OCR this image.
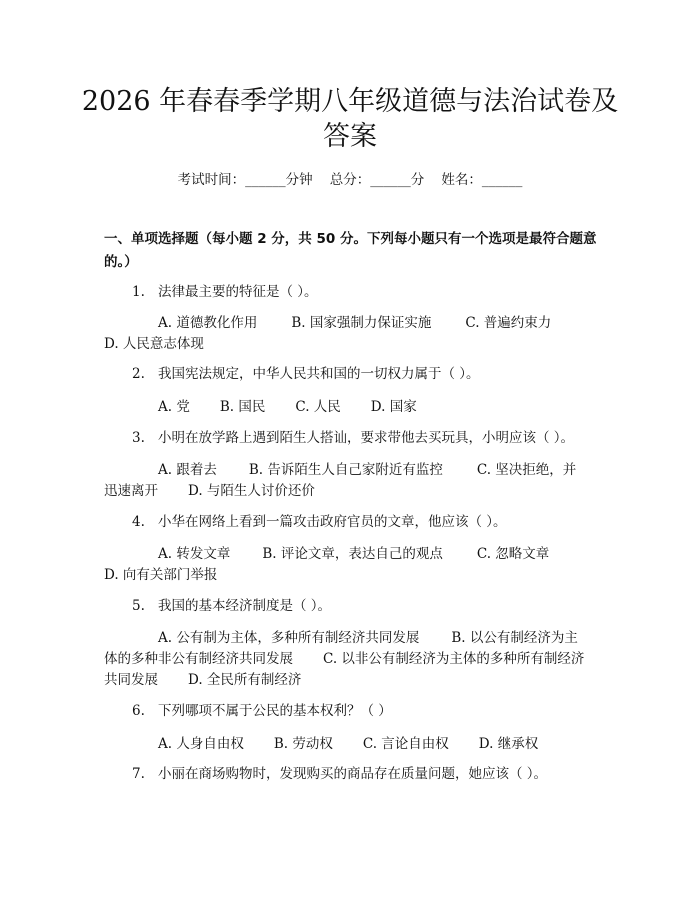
2026 年春春季学期八年级道德与法治试卷及
答案
考试时间：______分钟    总分：______分    姓名：______
一、单项选择题（每小题 2 分，共 50 分。下列每小题只有一个选项是最符合题意
的。）
1. 法律最主要的特征是（ ）。
A. 道德教化作用	B. 国家强制力保证实施	C. 普遍约束力
D. 人民意志体现
2. 我国宪法规定，中华人民共和国的一切权力属于（ ）。
A. 党 B. 国民 C. 人民 D. 国家
3. 小明在放学路上遇到陌生人搭讪，要求带他去买玩具，小明应该（ ）。
A. 跟着去 B. 告诉陌生人自己家附近有监控	C. 坚决拒绝，并
迅速离开 D. 与陌生人讨价还价
4. 小华在网络上看到一篇攻击政府官员的文章，他应该（ ）。
A. 转发文章 B. 评论文章，表达自己的观点	C. 忽略文章
D. 向有关部门举报
5. 我国的基本经济制度是（ ）。
A. 公有制为主体，多种所有制经济共同发展 B. 以公有制经济为主
体的多种非公有制经济共同发展 C. 以非公有制经济为主体的多种所有制经济
共同发展 D. 全民所有制经济
6. 下列哪项不属于公民的基本权利？（ ）
A. 人身自由权 B. 劳动权 C. 言论自由权 D. 继承权
7. 小丽在商场购物时，发现购买的商品存在质量问题，她应该（ ）。
